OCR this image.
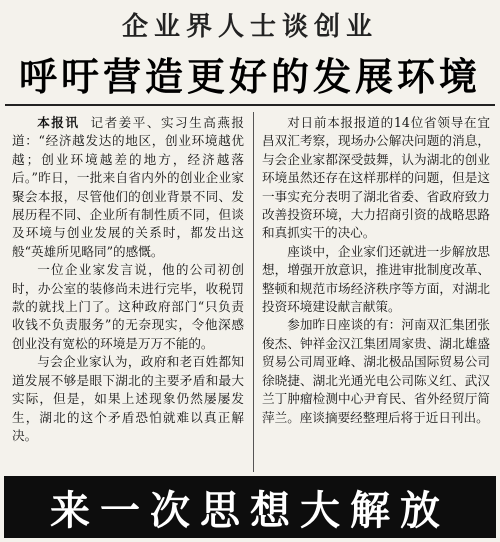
企业界人士谈创业
呼吁营造更好的发展环境

本报讯 记者姜平、实习生高燕报道：“经济越发达的地区，创业环境越优越；创业环境越差的地方，经济越落后。”昨日，一批来自省内外的创业企业家聚会本报，尽管他们的创业背景不同、发展历程不同、企业所有制性质不同，但谈及环境与创业发展的关系时，都发出这般“英雄所见略同”的感慨。

一位企业家发言说，他的公司初创时，办公室的装修尚未进行完毕，收税罚款的就找上门了。这种政府部门“只负责收钱不负责服务”的无奈现实，令他深感创业没有宽松的环境是万万不能的。

与会企业家认为，政府和老百姓都知道发展不够是眼下湖北的主要矛盾和最大实际，但是，如果上述现象仍然屡屡发生，湖北的这个矛盾恐怕就难以真正解决。

对日前本报报道的14位省领导在宜昌双汇考察，现场办公解决问题的消息，与会企业家都深受鼓舞，认为湖北的创业环境虽然还存在这样那样的问题，但是这一事实充分表明了湖北省委、省政府致力改善投资环境，大力招商引资的战略思路和真抓实干的决心。

座谈中，企业家们还就进一步解放思想，增强开放意识，推进审批制度改革、整顿和规范市场经济秩序等方面，对湖北投资环境建设献言献策。

参加昨日座谈的有：河南双汇集团张俊杰、钟祥金汉江集团周家贵、湖北雄盛贸易公司周亚峰、湖北极品国际贸易公司徐晓捷、湖北光通光电公司陈义红、武汉兰丁肿瘤检测中心尹育民、省外经贸厅简萍兰。座谈摘要经整理后将于近日刊出。

来一次思想大解放
